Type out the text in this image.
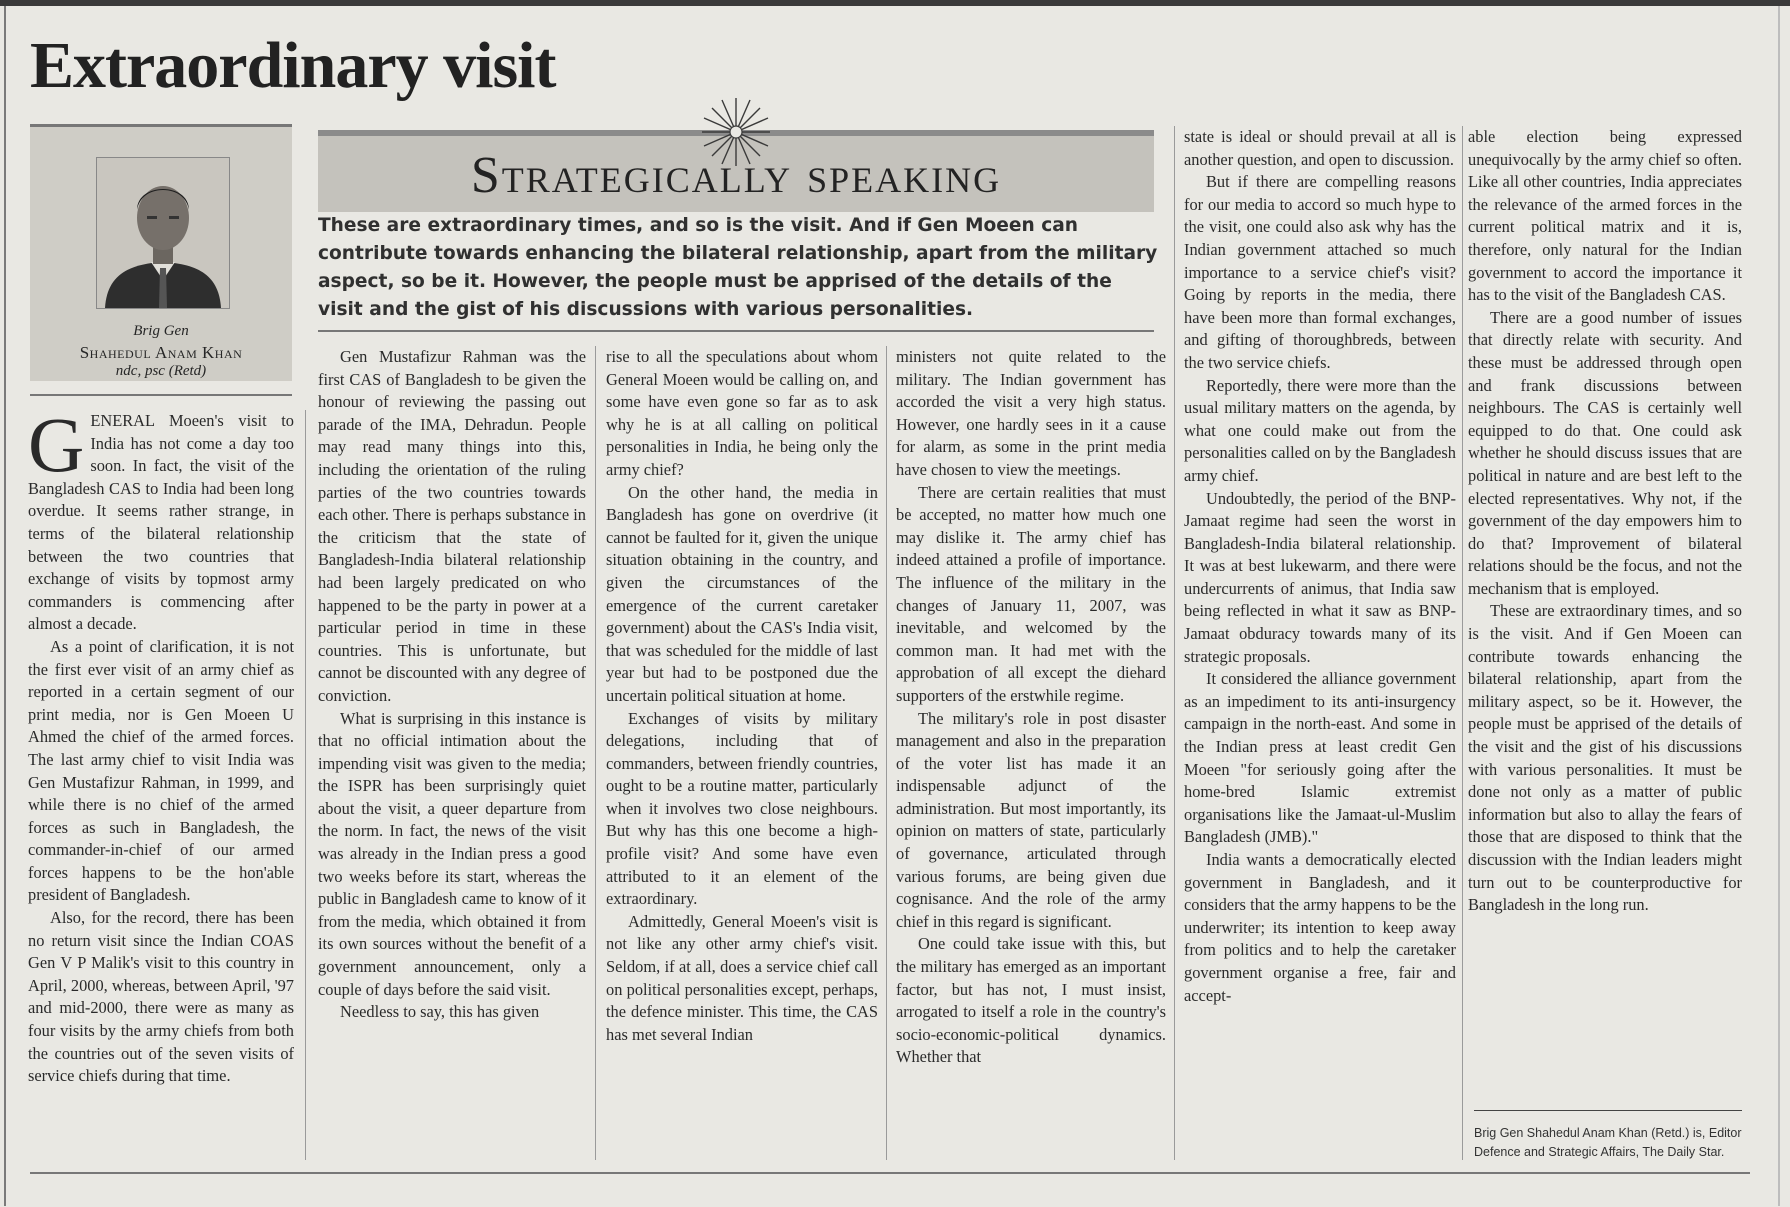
Extraordinary visit
Brig Gen
Shahedul Anam Khan
ndc, psc (Retd)
Strategically speaking

These are extraordinary times, and so is the visit. And if Gen Moeen can contribute towards enhancing the bilateral relationship, apart from the military aspect, so be it. However, the people must be apprised of the details of the visit and the gist of his discussions with various personalities.

G ENERAL Moeen's visit to India has not come a day too soon. In fact, the visit of the Bangladesh CAS to India had been long overdue. It seems rather strange, in terms of the bilateral relationship between the two countries that exchange of visits by topmost army commanders is commencing after almost a decade.

As a point of clarification, it is not the first ever visit of an army chief as reported in a certain segment of our print media, nor is Gen Moeen U Ahmed the chief of the armed forces. The last army chief to visit India was Gen Mustafizur Rahman, in 1999, and while there is no chief of the armed forces as such in Bangladesh, the commander-in-chief of our armed forces happens to be the hon'able president of Bangladesh.

Also, for the record, there has been no return visit since the Indian COAS Gen V P Malik's visit to this country in April, 2000, whereas, between April, '97 and mid-2000, there were as many as four visits by the army chiefs from both the countries out of the seven visits of service chiefs during that time.

Gen Mustafizur Rahman was the first CAS of Bangladesh to be given the honour of reviewing the passing out parade of the IMA, Dehradun. People may read many things into this, including the orientation of the ruling parties of the two countries towards each other. There is perhaps substance in the criticism that the state of Bangladesh-India bilateral relationship had been largely predicated on who happened to be the party in power at a particular period in time in these countries. This is unfortunate, but cannot be discounted with any degree of conviction.

What is surprising in this instance is that no official intimation about the impending visit was given to the media; the ISPR has been surprisingly quiet about the visit, a queer departure from the norm. In fact, the news of the visit was already in the Indian press a good two weeks before its start, whereas the public in Bangladesh came to know of it from the media, which obtained it from its own sources without the benefit of a government announcement, only a couple of days before the said visit.

Needless to say, this has given

rise to all the speculations about whom General Moeen would be calling on, and some have even gone so far as to ask why he is at all calling on political personalities in India, he being only the army chief?

On the other hand, the media in Bangladesh has gone on overdrive (it cannot be faulted for it, given the unique situation obtaining in the country, and given the circumstances of the emergence of the current caretaker government) about the CAS's India visit, that was scheduled for the middle of last year but had to be postponed due the uncertain political situation at home.

Exchanges of visits by military delegations, including that of commanders, between friendly countries, ought to be a routine matter, particularly when it involves two close neighbours. But why has this one become a high-profile visit? And some have even attributed to it an element of the extraordinary.

Admittedly, General Moeen's visit is not like any other army chief's visit. Seldom, if at all, does a service chief call on political personalities except, perhaps, the defence minister. This time, the CAS has met several Indian

ministers not quite related to the military. The Indian government has accorded the visit a very high status. However, one hardly sees in it a cause for alarm, as some in the print media have chosen to view the meetings.

There are certain realities that must be accepted, no matter how much one may dislike it. The army chief has indeed attained a profile of importance. The influence of the military in the changes of January 11, 2007, was inevitable, and welcomed by the common man. It had met with the approbation of all except the diehard supporters of the erstwhile regime.

The military's role in post disaster management and also in the preparation of the voter list has made it an indispensable adjunct of the administration. But most importantly, its opinion on matters of state, particularly of governance, articulated through various forums, are being given due cognisance. And the role of the army chief in this regard is significant.

One could take issue with this, but the military has emerged as an important factor, but has not, I must insist, arrogated to itself a role in the country's socio-economic-political dynamics. Whether that

state is ideal or should prevail at all is another question, and open to discussion.

But if there are compelling reasons for our media to accord so much hype to the visit, one could also ask why has the Indian government attached so much importance to a service chief's visit? Going by reports in the media, there have been more than formal exchanges, and gifting of thoroughbreds, between the two service chiefs.

Reportedly, there were more than the usual military matters on the agenda, by what one could make out from the personalities called on by the Bangladesh army chief.

Undoubtedly, the period of the BNP-Jamaat regime had seen the worst in Bangladesh-India bilateral relationship. It was at best lukewarm, and there were undercurrents of animus, that India saw being reflected in what it saw as BNP-Jamaat obduracy towards many of its strategic proposals.

It considered the alliance government as an impediment to its anti-insurgency campaign in the north-east. And some in the Indian press at least credit Gen Moeen "for seriously going after the home-bred Islamic extremist organisations like the Jamaat-ul-Muslim Bangladesh (JMB)."

India wants a democratically elected government in Bangladesh, and it considers that the army happens to be the underwriter; its intention to keep away from politics and to help the caretaker government organise a free, fair and accept-

able election being expressed unequivocally by the army chief so often. Like all other countries, India appreciates the relevance of the armed forces in the current political matrix and it is, therefore, only natural for the Indian government to accord the importance it has to the visit of the Bangladesh CAS.

There are a good number of issues that directly relate with security. And these must be addressed through open and frank discussions between neighbours. The CAS is certainly well equipped to do that. One could ask whether he should discuss issues that are political in nature and are best left to the elected representatives. Why not, if the government of the day empowers him to do that? Improvement of bilateral relations should be the focus, and not the mechanism that is employed.

These are extraordinary times, and so is the visit. And if Gen Moeen can contribute towards enhancing the bilateral relationship, apart from the military aspect, so be it. However, the people must be apprised of the details of the visit and the gist of his discussions with various personalities. It must be done not only as a matter of public information but also to allay the fears of those that are disposed to think that the discussion with the Indian leaders might turn out to be counterproductive for Bangladesh in the long run.

Brig Gen Shahedul Anam Khan (Retd.) is, Editor Defence and Strategic Affairs, The Daily Star.
